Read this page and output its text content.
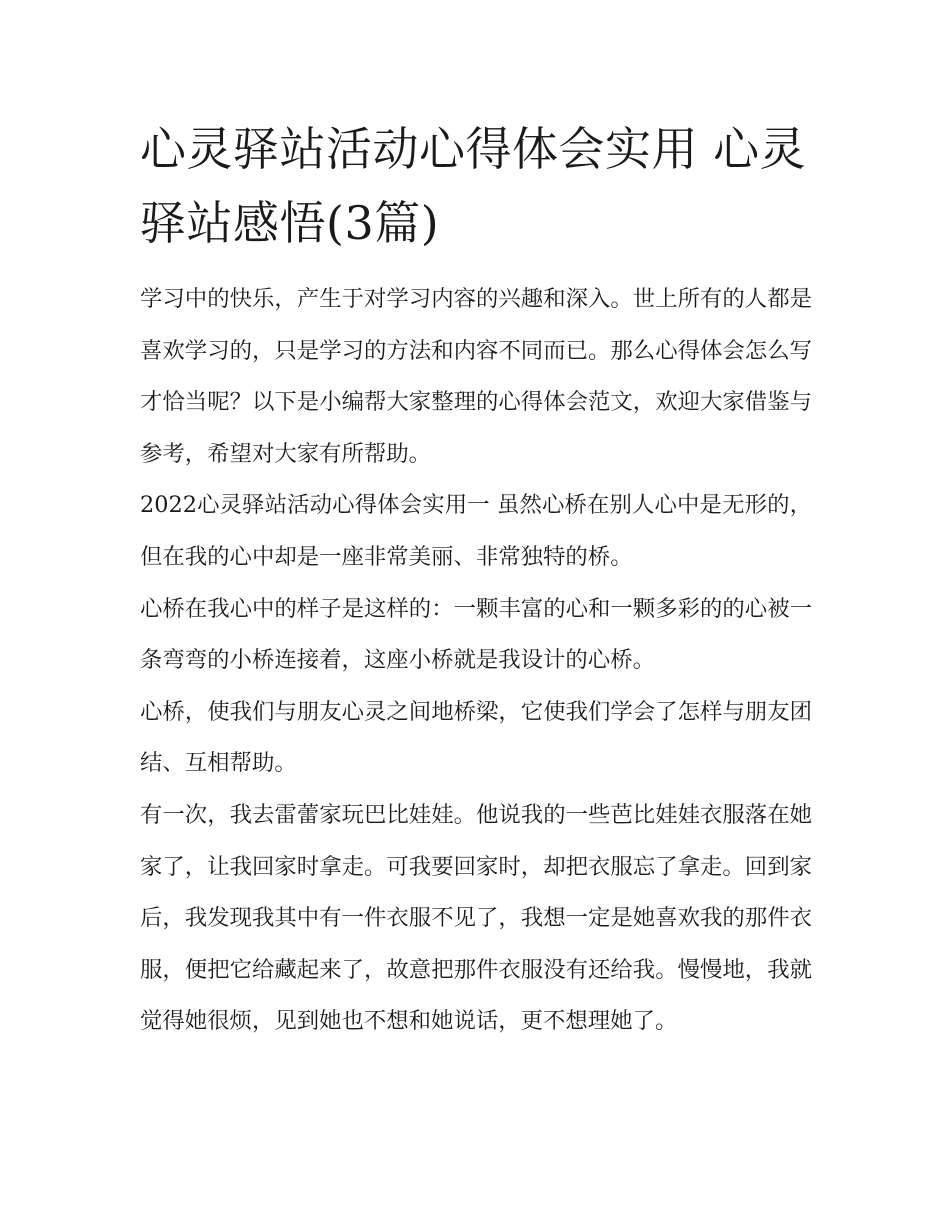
心灵驿站活动心得体会实用 心灵驿站感悟(3篇)

学习中的快乐，产生于对学习内容的兴趣和深入。世上所有的人都是喜欢学习的，只是学习的方法和内容不同而已。那么心得体会怎么写才恰当呢？以下是小编帮大家整理的心得体会范文，欢迎大家借鉴与参考，希望对大家有所帮助。

2022心灵驿站活动心得体会实用一 虽然心桥在别人心中是无形的，但在我的心中却是一座非常美丽、非常独特的桥。

心桥在我心中的样子是这样的：一颗丰富的心和一颗多彩的的心被一条弯弯的小桥连接着，这座小桥就是我设计的心桥。

心桥，使我们与朋友心灵之间地桥梁，它使我们学会了怎样与朋友团结、互相帮助。

有一次，我去雷蕾家玩巴比娃娃。他说我的一些芭比娃娃衣服落在她家了，让我回家时拿走。可我要回家时，却把衣服忘了拿走。回到家后，我发现我其中有一件衣服不见了，我想一定是她喜欢我的那件衣服，便把它给藏起来了，故意把那件衣服没有还给我。慢慢地，我就觉得她很烦，见到她也不想和她说话，更不想理她了。
